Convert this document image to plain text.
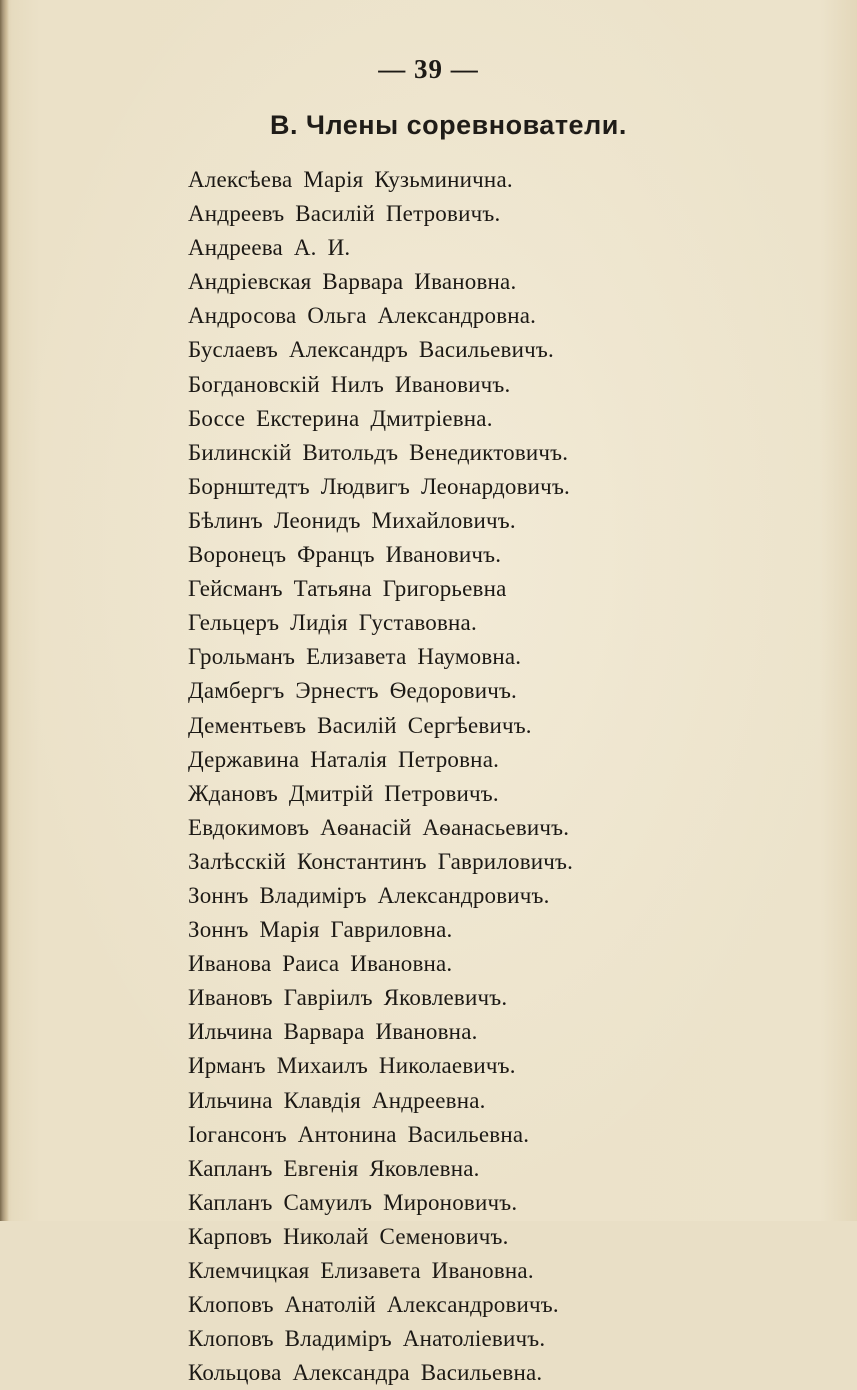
— 39 —
В. Члены соревнователи.
Алексѣева Марія Кузьминична.
Андреевъ Василій Петровичъ.
Андреева А. И.
Андріевская Варвара Ивановна.
Андросова Ольга Александровна.
Буслаевъ Александръ Васильевичъ.
Богдановскій Нилъ Ивановичъ.
Боссе Екстерина Дмитріевна.
Билинскій Витольдъ Венедиктовичъ.
Борнштедтъ Людвигъ Леонардовичъ.
Бѣлинъ Леонидъ Михайловичъ.
Воронецъ Францъ Ивановичъ.
Гейсманъ Татьяна Григорьевна
Гельцеръ Лидія Густавовна.
Грольманъ Елизавета Наумовна.
Дамбергъ Эрнестъ Ѳедоровичъ.
Дементьевъ Василій Сергѣевичъ.
Державина Наталія Петровна.
Ждановъ Дмитрій Петровичъ.
Евдокимовъ Аѳанасій Аѳанасьевичъ.
Залѣсскій Константинъ Гавриловичъ.
Зоннъ Владиміръ Александровичъ.
Зоннъ Марія Гавриловна.
Иванова Раиса Ивановна.
Ивановъ Гавріилъ Яковлевичъ.
Ильчина Варвара Ивановна.
Ирманъ Михаилъ Николаевичъ.
Ильчина Клавдія Андреевна.
Іогансонъ Антонина Васильевна.
Капланъ Евгенія Яковлевна.
Капланъ Самуилъ Мироновичъ.
Карповъ Николай Семеновичъ.
Клемчицкая Елизавета Ивановна.
Клоповъ Анатолій Александровичъ.
Клоповъ Владиміръ Анатоліевичъ.
Кольцова Александра Васильевна.
